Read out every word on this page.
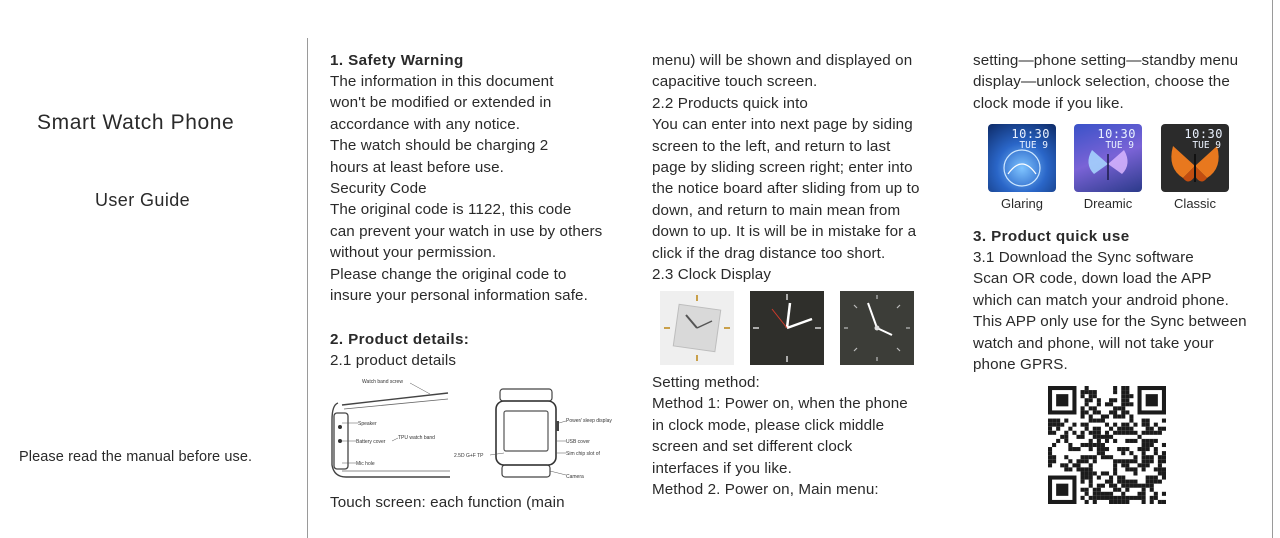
Smart Watch Phone
User Guide
Please read the manual before use.
1. Safety Warning
The information in this document
won't be modified or extended in
accordance with any notice.
The watch should be charging 2
hours at least before use.
Security Code
The original code is 1122, this code
can prevent your watch in use by others
without your permission.
Please change the original code to
insure your personal information safe.
2. Product details:
2.1 product details
Watch band screw
Speaker
Battery cover
TPU watch band
Mic hole
2.5D G+F TP
Power/ sleep display
USB cover
Sim chip slot of
Camera
Touch screen: each function (main
menu) will be shown and displayed on
capacitive touch screen.
2.2 Products quick into
You can enter into next page by siding
screen to the left, and return to last
page by sliding screen right; enter into
the notice board after sliding from up to
down, and return to main mean from
down to up. It is will be in mistake for a
click if the drag distance too short.
2.3 Clock Display
Setting method:
Method 1: Power on, when the phone
in clock mode, please click middle
screen and set different clock
interfaces if you like.
Method 2. Power on, Main menu:
setting—phone setting—standby menu
display—unlock selection, choose the
clock mode if you like.
10:30
TUE 9
10:30
TUE 9
10:30
TUE 9
Glaring	Dreamic	Classic
3. Product quick use
3.1 Download the Sync software
Scan OR code, down load the APP
which can match your android phone.
This APP only use for the Sync between
watch and phone, will not take your
phone GPRS.
